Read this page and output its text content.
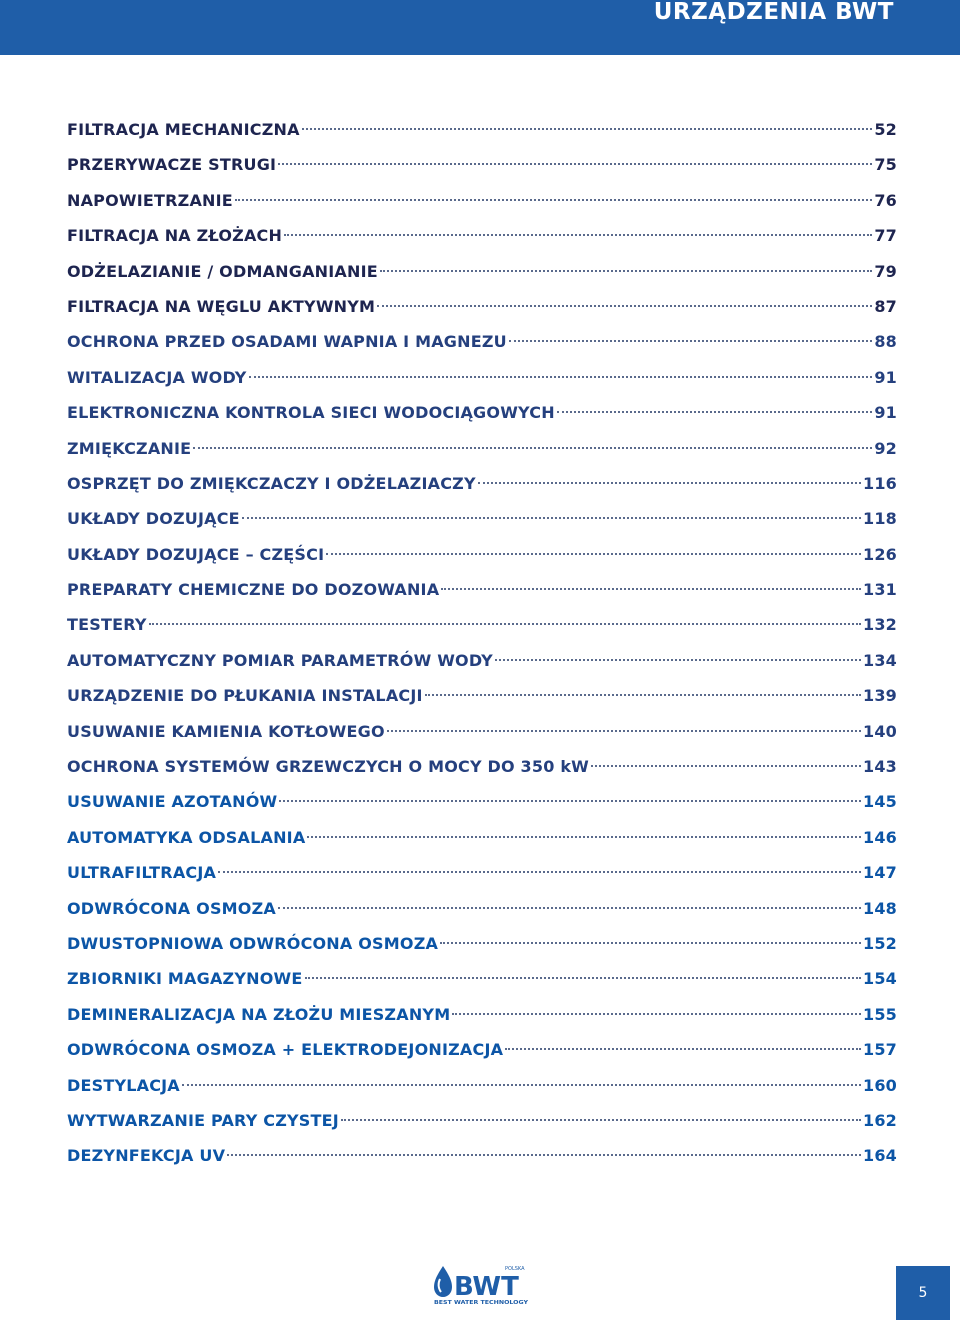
URZĄDZENIA BWT
FILTRACJA MECHANICZNA	52
PRZERYWACZE STRUGI	75
NAPOWIETRZANIE	76
FILTRACJA NA ZŁOŻACH	77
ODŻELAZIANIE / ODMANGANIANIE	79
FILTRACJA NA WĘGLU AKTYWNYM	87
OCHRONA PRZED OSADAMI WAPNIA I MAGNEZU	88
WITALIZACJA WODY	91
ELEKTRONICZNA KONTROLA SIECI WODOCIĄGOWYCH	91
ZMIĘKCZANIE	92
OSPRZĘT DO ZMIĘKCZACZY I ODŻELAZIACZY	116
UKŁADY DOZUJĄCE	118
UKŁADY DOZUJĄCE – CZĘŚCI	126
PREPARATY CHEMICZNE DO DOZOWANIA	131
TESTERY	132
AUTOMATYCZNY POMIAR PARAMETRÓW WODY	134
URZĄDZENIE DO PŁUKANIA INSTALACJI	139
USUWANIE KAMIENIA KOTŁOWEGO	140
OCHRONA SYSTEMÓW GRZEWCZYCH O MOCY DO 350 kW	143
USUWANIE AZOTANÓW	145
AUTOMATYKA ODSALANIA	146
ULTRAFILTRACJA	147
ODWRÓCONA OSMOZA	148
DWUSTOPNIOWA ODWRÓCONA OSMOZA	152
ZBIORNIKI MAGAZYNOWE	154
DEMINERALIZACJA NA ZŁOŻU MIESZANYM	155
ODWRÓCONA OSMOZA + ELEKTRODEJONIZACJA	157
DESTYLACJA	160
WYTWARZANIE PARY CZYSTEJ	162
DEZYNFEKCJA UV	164
BWT
POLSKA
BEST WATER TECHNOLOGY
5
